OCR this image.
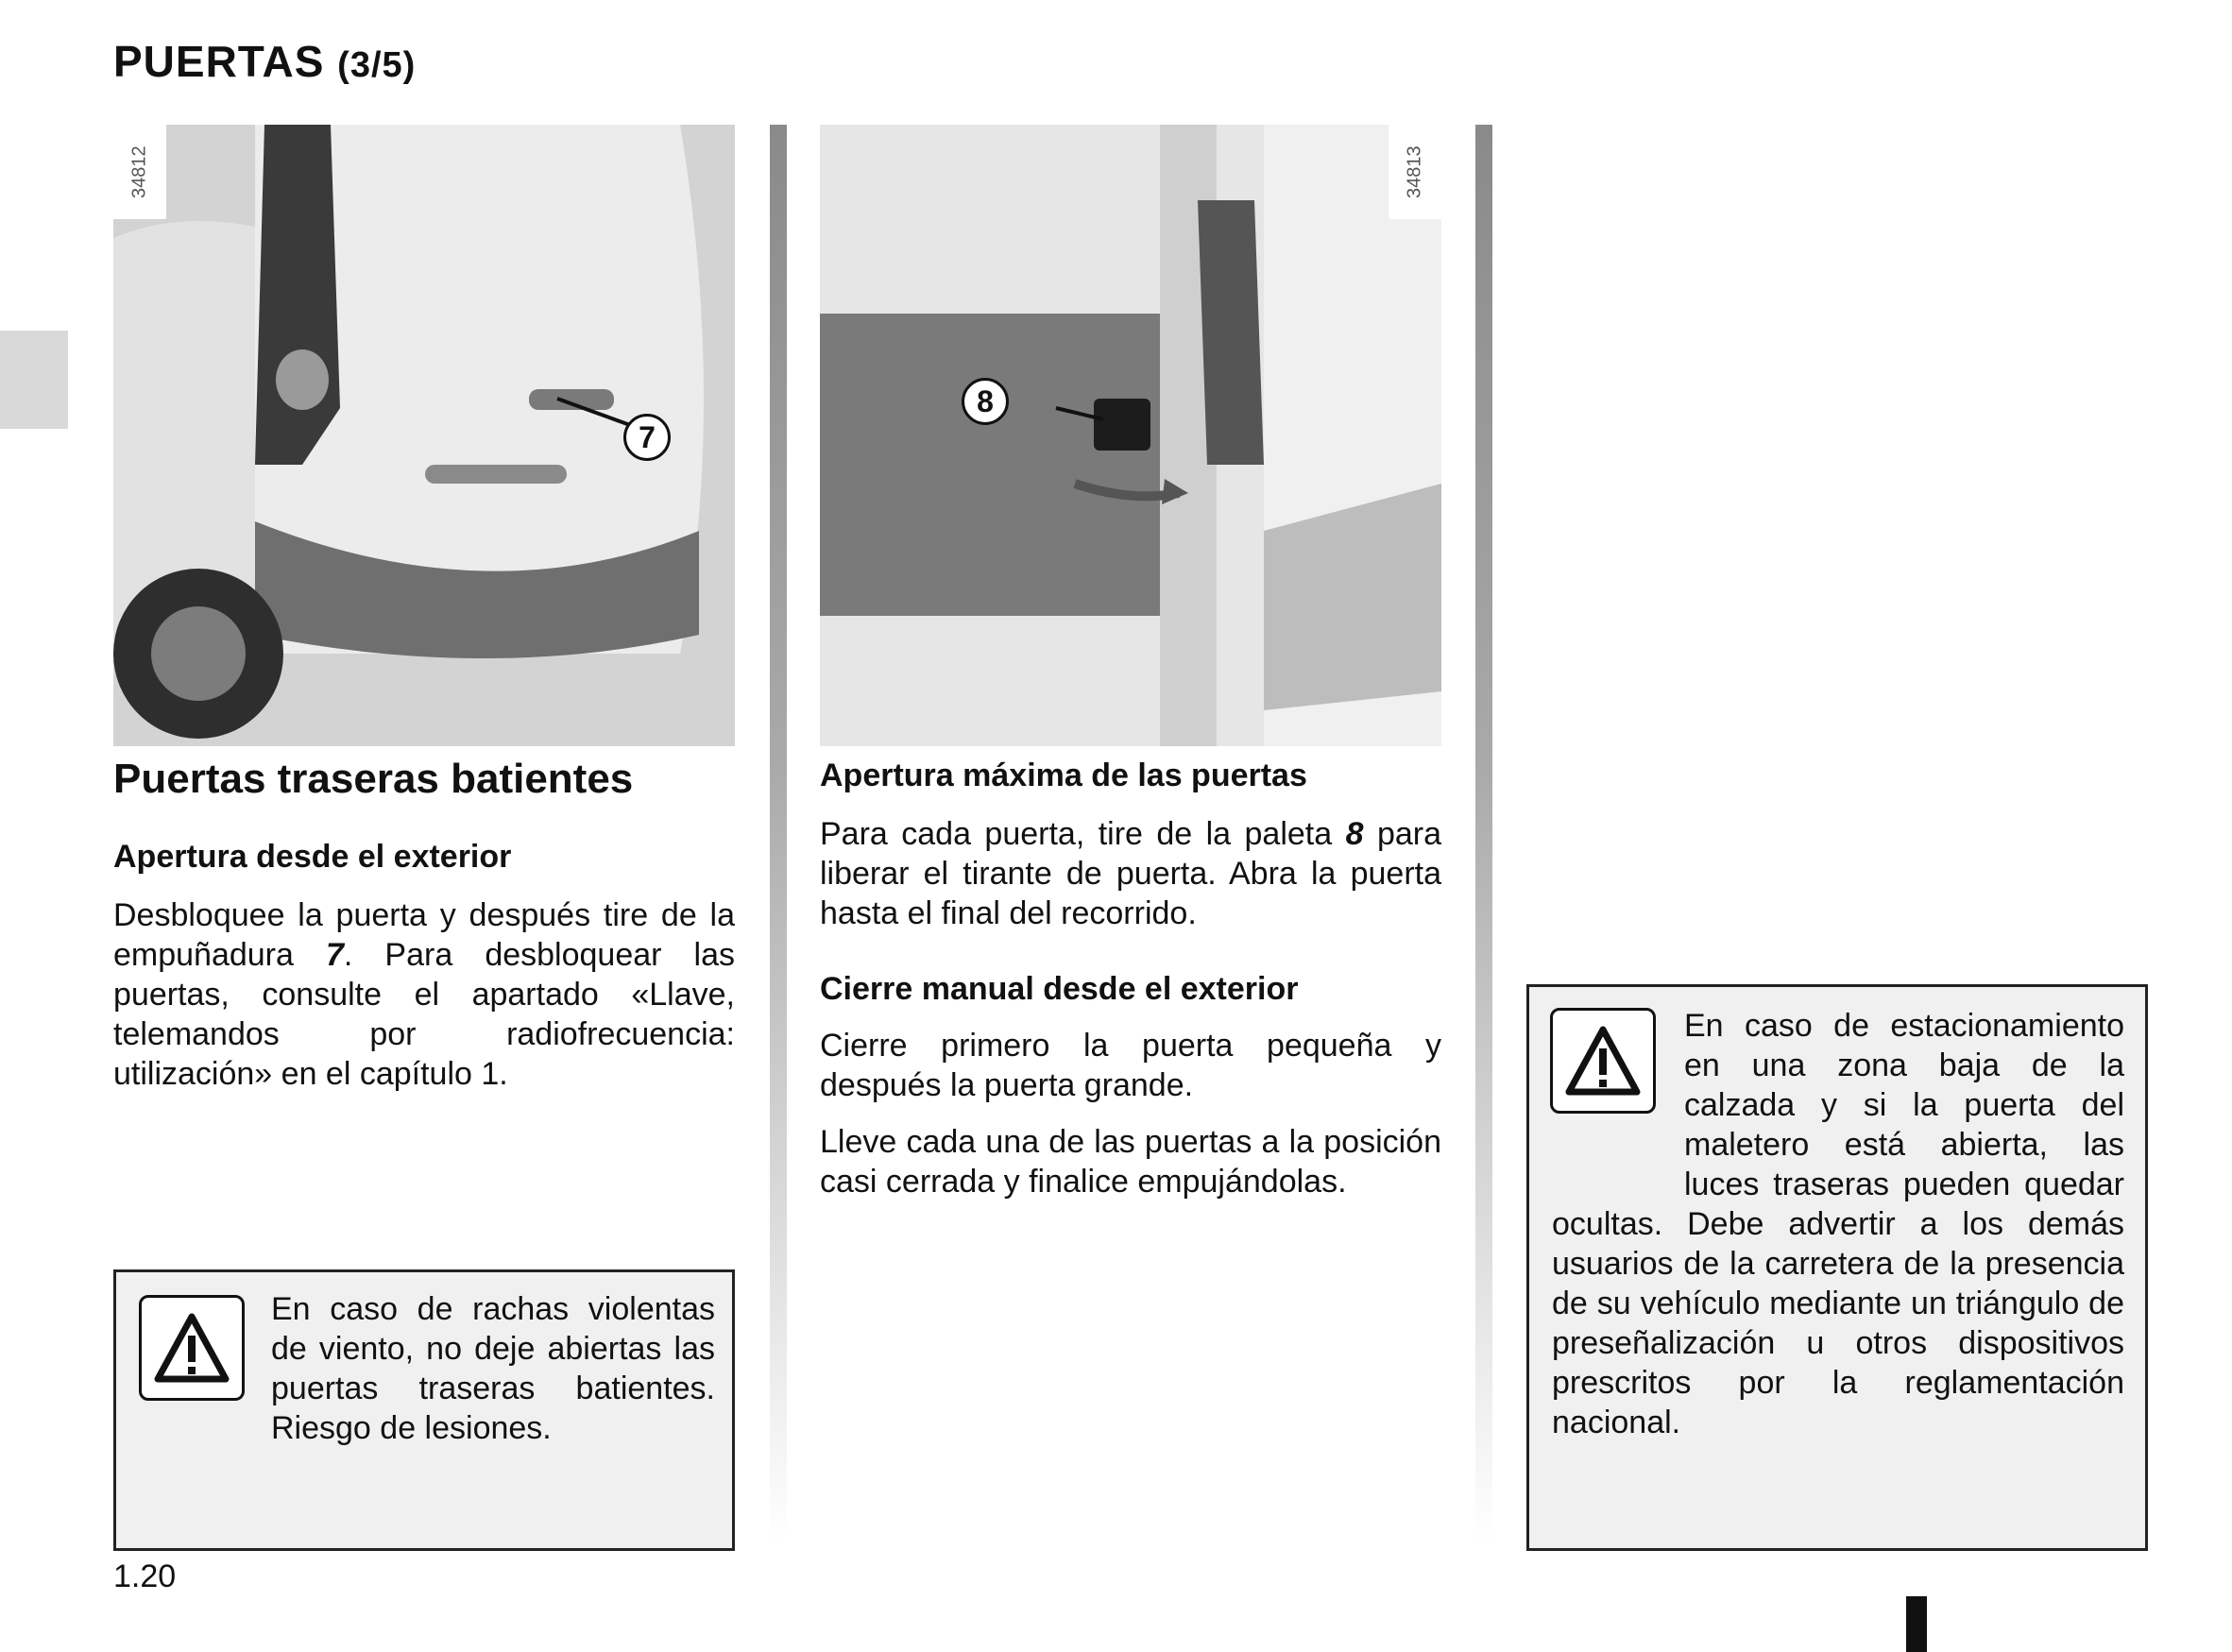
PUERTAS (3/5)
34812
7
34813
8
Puertas traseras batientes
Apertura desde el exterior

Desbloquee la puerta y después tire de la empuñadura 7. Para desbloquear las puertas, consulte el apartado «Llave, telemandos por radiofrecuencia: utilización» en el capítulo 1.

En caso de rachas violentas de viento, no deje abiertas las puertas traseras batientes. Riesgo de lesiones.
Apertura máxima de las puertas

Para cada puerta, tire de la paleta 8 para liberar el tirante de puerta. Abra la puerta hasta el final del recorrido.

Cierre manual desde el exterior

Cierre primero la puerta pequeña y después la puerta grande.

Lleve cada una de las puertas a la posición casi cerrada y finalice empujándolas.

En caso de estacionamiento en una zona baja de la calzada y si la puerta del maletero está abierta, las luces traseras pueden quedar ocultas. Debe advertir a los demás usuarios de la carretera de la presencia de su vehículo mediante un triángulo de preseñalización u otros dispositivos prescritos por la reglamentación nacional.
1.20
